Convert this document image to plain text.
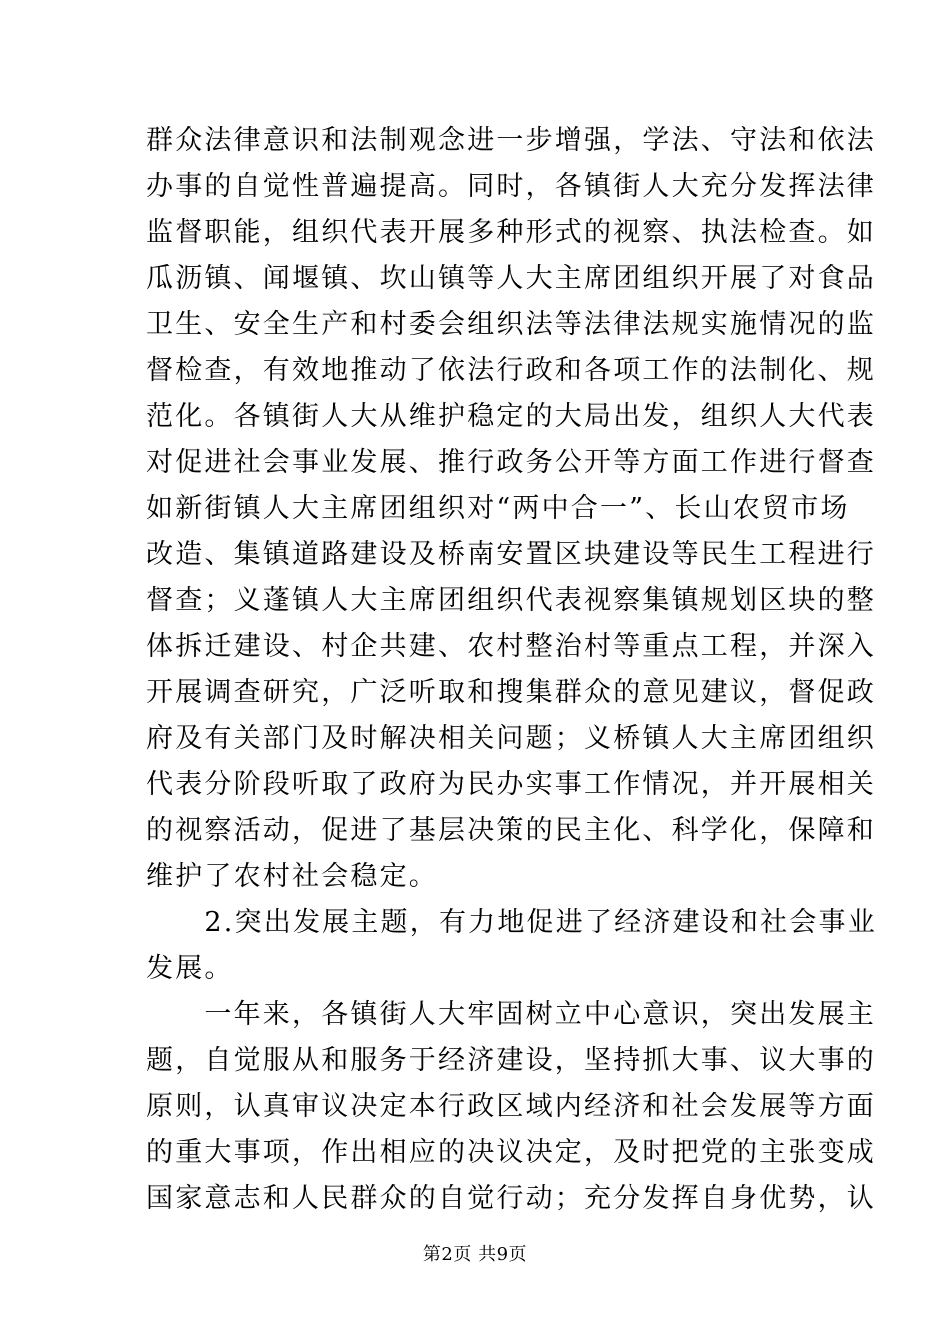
群众法律意识和法制观念进一步增强，学法、守法和依法
办事的自觉性普遍提高。同时，各镇街人大充分发挥法律
监督职能，组织代表开展多种形式的视察、执法检查。如
瓜沥镇、闻堰镇、坎山镇等人大主席团组织开展了对食品
卫生、安全生产和村委会组织法等法律法规实施情况的监
督检查，有效地推动了依法行政和各项工作的法制化、规
范化。各镇街人大从维护稳定的大局出发，组织人大代表
对促进社会事业发展、推行政务公开等方面工作进行督查
如新街镇人大主席团组织对“两中合一”、长山农贸市场
改造、集镇道路建设及桥南安置区块建设等民生工程进行
督查；义蓬镇人大主席团组织代表视察集镇规划区块的整
体拆迁建设、村企共建、农村整治村等重点工程，并深入
开展调查研究，广泛听取和搜集群众的意见建议，督促政
府及有关部门及时解决相关问题；义桥镇人大主席团组织
代表分阶段听取了政府为民办实事工作情况，并开展相关
的视察活动，促进了基层决策的民主化、科学化，保障和
维护了农村社会稳定。
　　2.突出发展主题，有力地促进了经济建设和社会事业
发展。
　　一年来，各镇街人大牢固树立中心意识，突出发展主
题，自觉服从和服务于经济建设，坚持抓大事、议大事的
原则，认真审议决定本行政区域内经济和社会发展等方面
的重大事项，作出相应的决议决定，及时把党的主张变成
国家意志和人民群众的自觉行动；充分发挥自身优势，认
第2页 共9页
